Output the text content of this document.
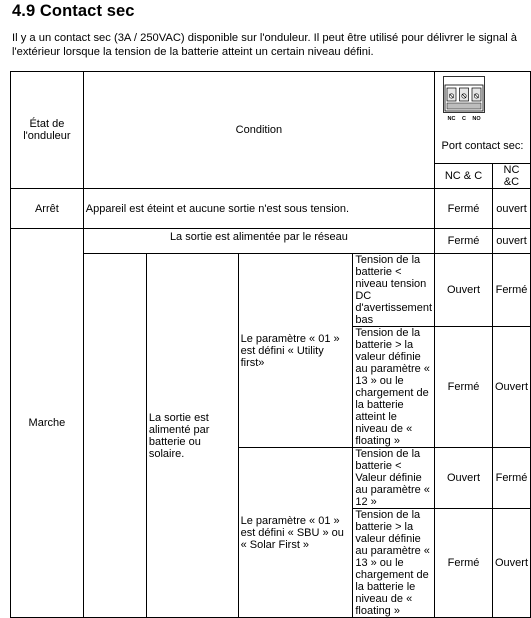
4.9 Contact sec
Il y a un contact sec (3A / 250VAC) disponible sur l'onduleur. Il peut être utilisé pour délivrer le signal à l'extérieur lorsque la tension de la batterie atteint un certain niveau défini.
État de l'onduleur	Condition				NC C NO
Port contact sec:	

					NC & C	NC &C
Arrêt	Appareil est éteint et aucune sortie n'est sous tension.				Fermé	ouvert
Marche	La sortie est alimentée par le réseau				Fermé	ouvert
		La sortie est alimenté par batterie ou solaire.	Le paramètre « 01 » est défini « Utility first»	Tension de la batterie < niveau tension DC d'avertissement bas	Ouvert	Fermé
				Tension de la batterie > la valeur définie au paramètre « 13 » ou le chargement de la batterie atteint le niveau de « floating »	Fermé	Ouvert
			Le paramètre « 01 » est défini « SBU » ou « Solar First »	Tension de la batterie < Valeur définie au paramètre « 12 »	Ouvert	Fermé
				Tension de la batterie > la valeur définie au paramètre « 13 » ou le chargement de la batterie le niveau de « floating »	Fermé	Ouvert
